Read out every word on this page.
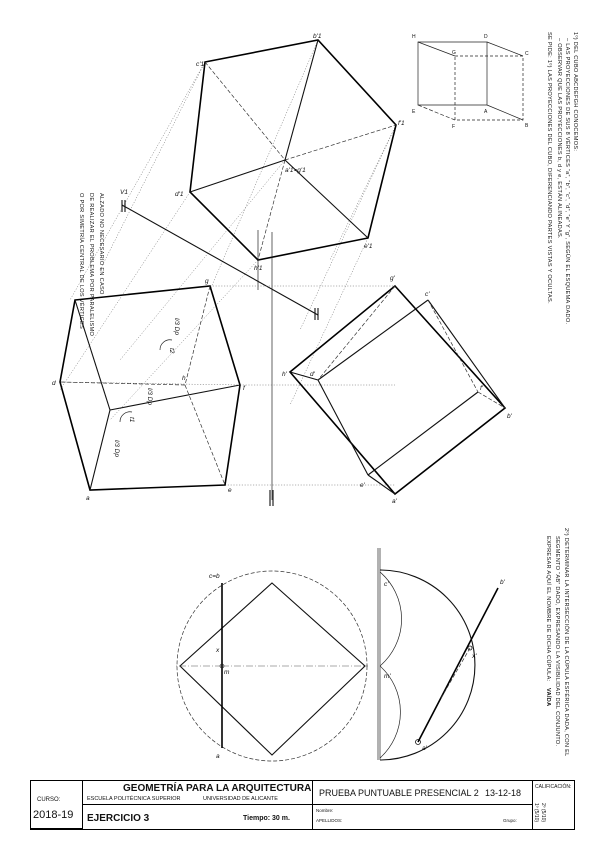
1º) DEL CUBO ABCDEFGH CONOCEMOS:
– LAS PROYECCIONES DE SUS 8 VÉRTICES “a”, “b”, “c”, “d”, “e” Y “g”, SEGÚN EL ESQUEMA DADO.
– OBSERVAR QUE LAS PROYECCIONES b, d y e, ESTÁN ALINEADAS.
SE PIDE: 1º) LAS PROYECCIONES DEL CUBO, DIFERENCIANDO PARTES VISTAS Y OCULTAS.
H	D
C
G
A
B
E
F
c'1
b'1
f'1
d'1
a'1=g'1
e'1
h'1
V1
ALZADO NO NECESARIO EN CASO
DE REALIZAR EL PROBLEMA POR PARALELISMO
O POR SIMETRÍA CENTRAL DE LOS VÉRTICES	g
f
h
e
a
d
l/3 Dp
l/3 Dp
l/3 Dp
t2
t1
g'
c'
h'	d'
f'
b'
e'
a'
2º) DETERMINAR LA INTERSECCIÓN DE LA CÚPULA ESFÉRICA DADA, CON EL
SEGMENTO “AB” DADO, EXPRESANDO LA VISIBILIDAD DEL CONJUNTO.
EXPRESAR AQUÍ EL NOMBRE DE DICHA CÚPULA:
VAÍDA
c=b
m
x
a
b'
c'
x'
m'
a'
CURSO:
2018-19
GEOMETRÍA PARA LA ARQUITECTURA
ESCUELA POLITÉCNICA SUPERIOR	UNIVERSIDAD DE ALICANTE
EJERCICIO 3	Tiempo: 30 m.
PRUEBA PUNTUABLE PRESENCIAL 2 13-12-18
Nombre:
APELLIDOS:	Grupo:
CALIFICACIÓN:
1º (5/10) 2º (5/10)
